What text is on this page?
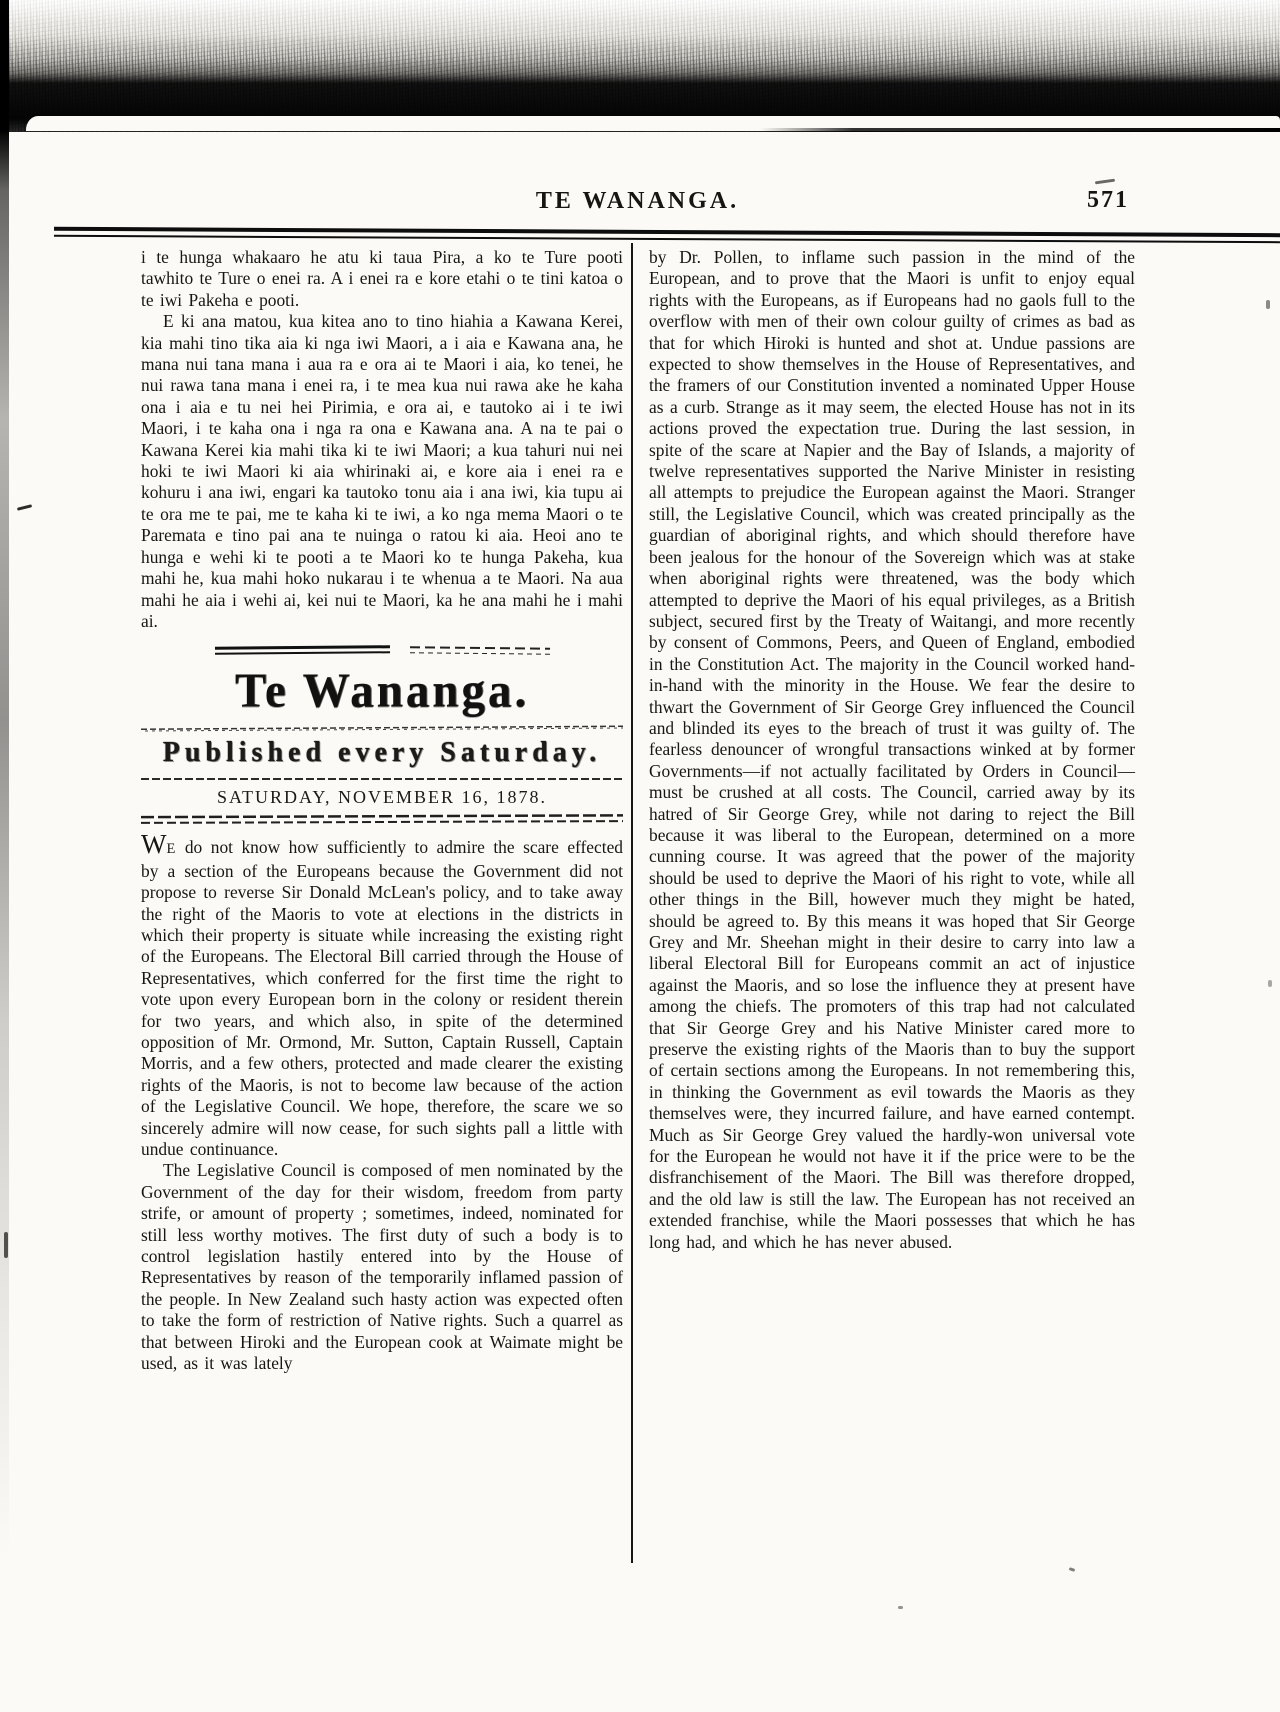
TE WANANGA.	571

i te hunga whakaaro he atu ki taua Pira, a ko te Ture pooti tawhito te Ture o enei ra. A i enei ra e kore etahi o te tini katoa o te iwi Pakeha e pooti.

E ki ana matou, kua kitea ano to tino hiahia a Kawana Kerei, kia mahi tino tika aia ki nga iwi Maori, a i aia e Kawana ana, he mana nui tana mana i aua ra e ora ai te Maori i aia, ko tenei, he nui rawa tana mana i enei ra, i te mea kua nui rawa ake he kaha ona i aia e tu nei hei Pirimia, e ora ai, e tautoko ai i te iwi Maori, i te kaha ona i nga ra ona e Kawana ana. A na te pai o Kawana Kerei kia mahi tika ki te iwi Maori; a kua tahuri nui nei hoki te iwi Maori ki aia whirinaki ai, e kore aia i enei ra e kohuru i ana iwi, engari ka tautoko tonu aia i ana iwi, kia tupu ai te ora me te pai, me te kaha ki te iwi, a ko nga mema Maori o te Paremata e tino pai ana te nuinga o ratou ki aia. Heoi ano te hunga e wehi ki te pooti a te Maori ko te hunga Pakeha, kua mahi he, kua mahi hoko nukarau i te whenua a te Maori. Na aua mahi he aia i wehi ai, kei nui te Maori, ka he ana mahi he i mahi ai.

Te Wananga.
Published every Saturday.
SATURDAY, NOVEMBER 16, 1878.

WE do not know how sufficiently to admire the scare effected by a section of the Europeans because the Government did not propose to reverse Sir Donald McLean's policy, and to take away the right of the Maoris to vote at elections in the districts in which their property is situate while increasing the existing right of the Europeans. The Electoral Bill carried through the House of Representatives, which conferred for the first time the right to vote upon every European born in the colony or resident therein for two years, and which also, in spite of the determined opposition of Mr. Ormond, Mr. Sutton, Captain Russell, Captain Morris, and a few others, protected and made clearer the existing rights of the Maoris, is not to become law because of the action of the Legislative Council. We hope, therefore, the scare we so sincerely admire will now cease, for such sights pall a little with undue continuance.

The Legislative Council is composed of men nominated by the Government of the day for their wisdom, freedom from party strife, or amount of property ; sometimes, indeed, nominated for still less worthy motives. The first duty of such a body is to control legislation hastily entered into by the House of Representatives by reason of the temporarily inflamed passion of the people. In New Zealand such hasty action was expected often to take the form of restriction of Native rights. Such a quarrel as that between Hiroki and the European cook at Waimate might be used, as it was lately

by Dr. Pollen, to inflame such passion in the mind of the European, and to prove that the Maori is unfit to enjoy equal rights with the Europeans, as if Europeans had no gaols full to the overflow with men of their own colour guilty of crimes as bad as that for which Hiroki is hunted and shot at. Undue passions are expected to show themselves in the House of Representatives, and the framers of our Constitution invented a nominated Upper House as a curb. Strange as it may seem, the elected House has not in its actions proved the expectation true. During the last session, in spite of the scare at Napier and the Bay of Islands, a majority of twelve representatives supported the Narive Minister in resisting all attempts to prejudice the European against the Maori. Stranger still, the Legislative Council, which was created principally as the guardian of aboriginal rights, and which should therefore have been jealous for the honour of the Sovereign which was at stake when aboriginal rights were threatened, was the body which attempted to deprive the Maori of his equal privileges, as a British subject, secured first by the Treaty of Waitangi, and more recently by consent of Commons, Peers, and Queen of England, embodied in the Constitution Act. The majority in the Council worked hand-in-hand with the minority in the House. We fear the desire to thwart the Government of Sir George Grey influenced the Council and blinded its eyes to the breach of trust it was guilty of. The fearless denouncer of wrongful transactions winked at by former Governments—if not actually facilitated by Orders in Council—must be crushed at all costs. The Council, carried away by its hatred of Sir George Grey, while not daring to reject the Bill because it was liberal to the European, determined on a more cunning course. It was agreed that the power of the majority should be used to deprive the Maori of his right to vote, while all other things in the Bill, however much they might be hated, should be agreed to. By this means it was hoped that Sir George Grey and Mr. Sheehan might in their desire to carry into law a liberal Electoral Bill for Europeans commit an act of injustice against the Maoris, and so lose the influence they at present have among the chiefs. The promoters of this trap had not calculated that Sir George Grey and his Native Minister cared more to preserve the existing rights of the Maoris than to buy the support of certain sections among the Europeans. In not remembering this, in thinking the Government as evil towards the Maoris as they themselves were, they incurred failure, and have earned contempt. Much as Sir George Grey valued the hardly-won universal vote for the European he would not have it if the price were to be the disfranchisement of the Maori. The Bill was therefore dropped, and the old law is still the law. The European has not received an extended franchise, while the Maori possesses that which he has long had, and which he has never abused.
